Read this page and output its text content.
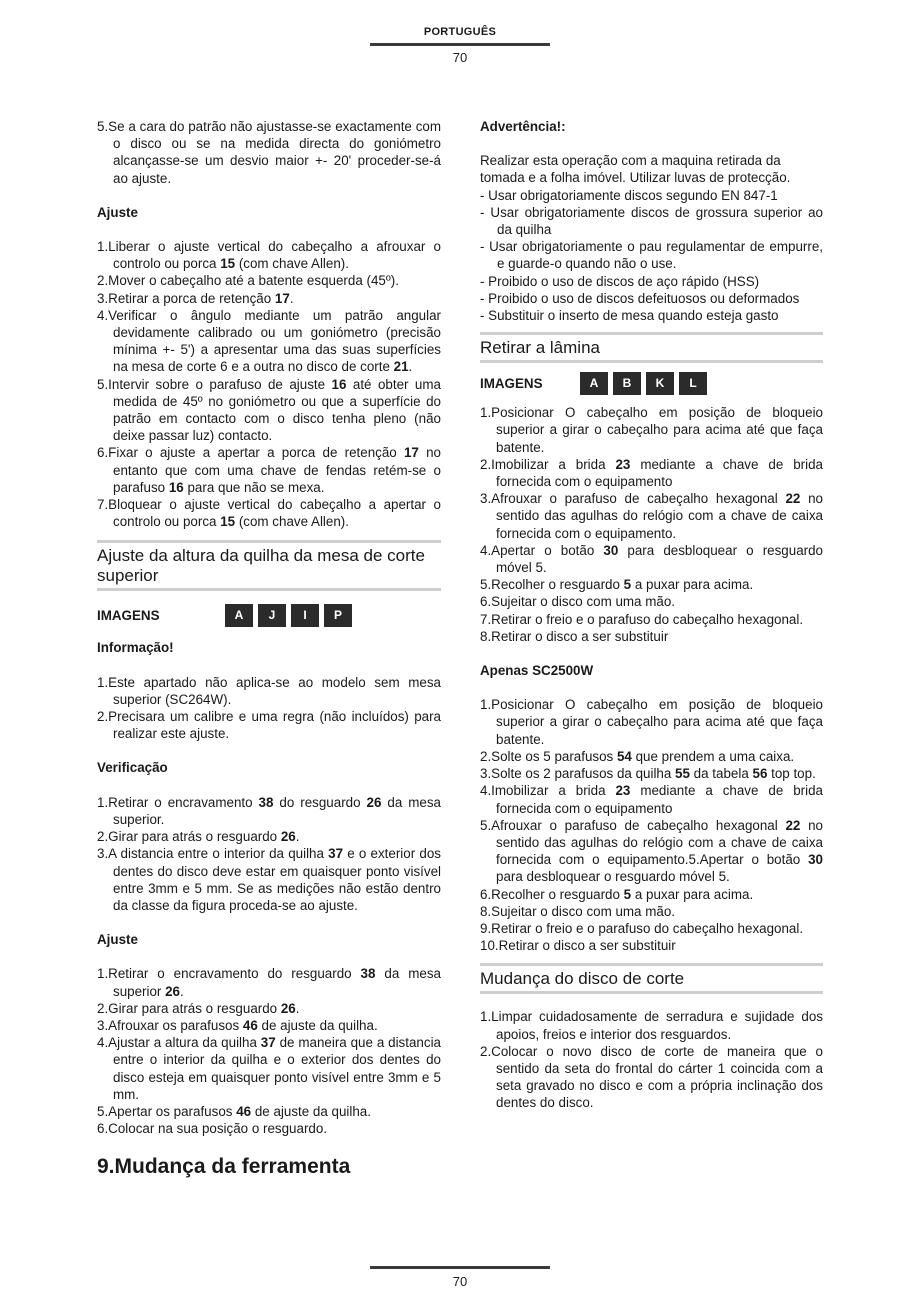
PORTUGUÊS
70
5.Se a cara do patrão não ajustasse-se exactamente com o disco ou se na medida directa do goniómetro alcançasse-se um desvio maior +- 20' proceder-se-á ao ajuste.
Ajuste
1.Liberar o ajuste vertical do cabeçalho a afrouxar o controlo ou porca 15 (com chave Allen).
2.Mover o cabeçalho até a batente esquerda (45º).
3.Retirar a porca de retenção 17.
4.Verificar o ângulo mediante um patrão angular devidamente calibrado ou um goniómetro (precisão mínima +- 5') a apresentar uma das suas superfícies na mesa de corte 6 e a outra no disco de corte 21.
5.Intervir sobre o parafuso de ajuste 16 até obter uma medida de 45º no goniómetro ou que a superfície do patrão em contacto com o disco tenha pleno (não deixe passar luz) contacto.
6.Fixar o ajuste a apertar a porca de retenção 17 no entanto que com uma chave de fendas retém-se o parafuso 16 para que não se mexa.
7.Bloquear o ajuste vertical do cabeçalho a apertar o controlo ou porca 15 (com chave Allen).
Ajuste da altura da quilha da mesa de corte superior
IMAGENS	A	J	I	P
Informação!
1.Este apartado não aplica-se ao modelo sem mesa superior (SC264W).
2.Precisara um calibre e uma regra (não incluídos) para realizar este ajuste.
Verificação
1.Retirar o encravamento 38 do resguardo 26 da mesa superior.
2.Girar para atrás o resguardo 26.
3.A distancia entre o interior da quilha 37 e o exterior dos dentes do disco deve estar em quaisquer ponto visível entre 3mm e 5 mm. Se as medições não estão dentro da classe da figura proceda-se ao ajuste.
Ajuste
1.Retirar o encravamento do resguardo 38 da mesa superior 26.
2.Girar para atrás o resguardo 26.
3.Afrouxar os parafusos 46 de ajuste da quilha.
4.Ajustar a altura da quilha 37 de maneira que a distancia entre o interior da quilha e o exterior dos dentes do disco esteja em quaisquer ponto visível entre 3mm e 5 mm.
5.Apertar os parafusos 46 de ajuste da quilha.
6.Colocar na sua posição o resguardo.
9.Mudança da ferramenta
Advertência!:
Realizar esta operação com a maquina retirada da tomada e a folha imóvel. Utilizar luvas de protecção.
- Usar obrigatoriamente discos segundo EN 847-1
- Usar obrigatoriamente discos de grossura superior ao da quilha
- Usar obrigatoriamente o pau regulamentar de empurre, e guarde-o quando não o use.
- Proibido o uso de discos de aço rápido (HSS)
- Proibido o uso de discos defeituosos ou deformados
- Substituir o inserto de mesa quando esteja gasto
Retirar a lâmina
IMAGENS	A	B	K	L
1.Posicionar O cabeçalho em posição de bloqueio superior a girar o cabeçalho para acima até que faça batente.
2.Imobilizar a brida 23 mediante a chave de brida fornecida com o equipamento
3.Afrouxar o parafuso de cabeçalho hexagonal 22 no sentido das agulhas do relógio com a chave de caixa fornecida com o equipamento.
4.Apertar o botão 30 para desbloquear o resguardo móvel 5.
5.Recolher o resguardo 5 a puxar para acima.
6.Sujeitar o disco com uma mão.
7.Retirar o freio e o parafuso do cabeçalho hexagonal.
8.Retirar o disco a ser substituir
Apenas SC2500W
1.Posicionar O cabeçalho em posição de bloqueio superior a girar o cabeçalho para acima até que faça batente.
2.Solte os 5 parafusos 54 que prendem a uma caixa.
3.Solte os 2 parafusos da quilha 55 da tabela 56 top top.
4.Imobilizar a brida 23 mediante a chave de brida fornecida com o equipamento
5.Afrouxar o parafuso de cabeçalho hexagonal 22 no sentido das agulhas do relógio com a chave de caixa fornecida com o equipamento.5.Apertar o botão 30 para desbloquear o resguardo móvel 5.
6.Recolher o resguardo 5 a puxar para acima.
8.Sujeitar o disco com uma mão.
9.Retirar o freio e o parafuso do cabeçalho hexagonal.
10.Retirar o disco a ser substituir
Mudança do disco de corte
1.Limpar cuidadosamente de serradura e sujidade dos apoios, freios e interior dos resguardos.
2.Colocar o novo disco de corte de maneira que o sentido da seta do frontal do cárter 1 coincida com a seta gravado no disco e com a própria inclinação dos dentes do disco.
70
